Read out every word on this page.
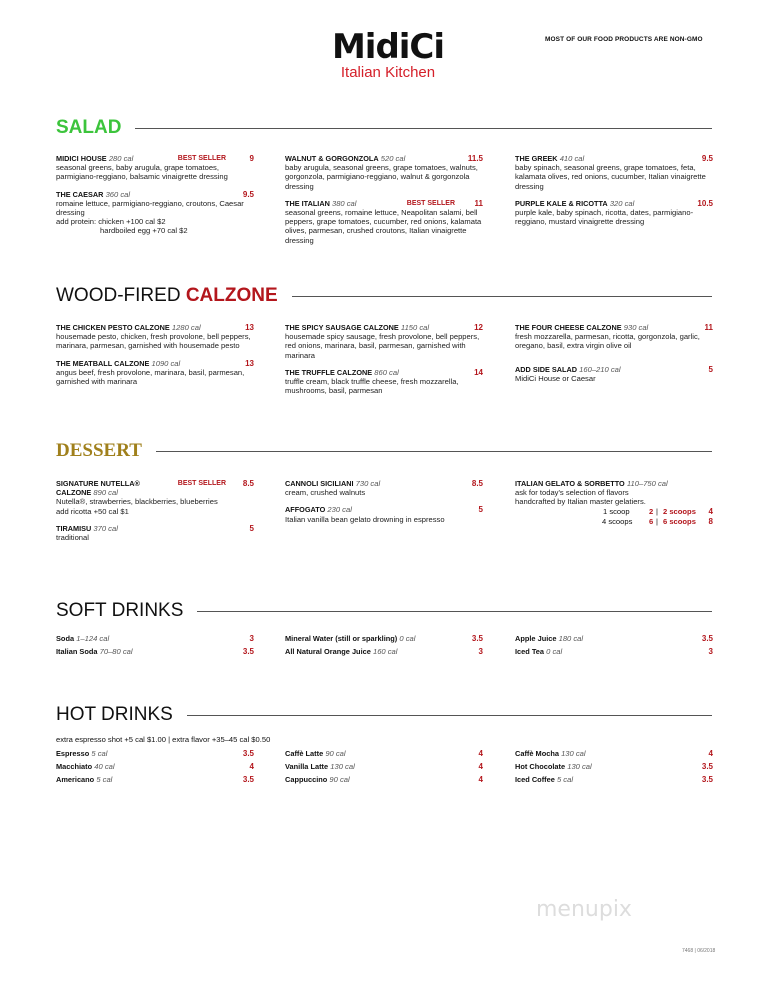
MidiCi
Italian Kitchen
MOST OF OUR FOOD PRODUCTS ARE NON-GMO
SALAD
MIDICI HOUSE 280 cal	BEST SELLER	9
seasonal greens, baby arugula, grape tomatoes, parmigiano-reggiano, balsamic vinaigrette dressing
THE CAESAR 360 cal	9.5
romaine lettuce, parmigiano-reggiano, croutons, Caesar dressing
add protein: chicken +100 cal $2
hardboiled egg +70 cal $2
WALNUT & GORGONZOLA 520 cal	11.5
baby arugula, seasonal greens, grape tomatoes, walnuts, gorgonzola, parmigiano-reggiano, walnut & gorgonzola dressing
THE ITALIAN 380 cal	BEST SELLER 11
seasonal greens, romaine lettuce, Neapolitan salami, bell peppers, grape tomatoes, cucumber, red onions, kalamata olives, parmesan, crushed croutons, Italian vinaigrette dressing
THE GREEK 410 cal	9.5
baby spinach, seasonal greens, grape tomatoes, feta, kalamata olives, red onions, cucumber, Italian vinaigrette dressing
PURPLE KALE & RICOTTA 320 cal	10.5
purple kale, baby spinach, ricotta, dates, parmigiano-reggiano, mustard vinaigrette dressing
WOOD-FIRED CALZONE
THE CHICKEN PESTO CALZONE 1280 cal	13
housemade pesto, chicken, fresh provolone, bell peppers, marinara, parmesan, garnished with housemade pesto
THE MEATBALL CALZONE 1090 cal	13
angus beef, fresh provolone, marinara, basil, parmesan, garnished with marinara
THE SPICY SAUSAGE CALZONE 1150 cal	12
housemade spicy sausage, fresh provolone, bell peppers, red onions, marinara, basil, parmesan, garnished with marinara
THE TRUFFLE CALZONE 860 cal	14
truffle cream, black truffle cheese, fresh mozzarella, mushrooms, basil, parmesan
THE FOUR CHEESE CALZONE 930 cal	11
fresh mozzarella, parmesan, ricotta, gorgonzola, garlic, oregano, basil, extra virgin olive oil
ADD SIDE SALAD 160–210 cal	5
MidiCi House or Caesar
DESSERT
SIGNATURE NUTELLA® CALZONE 890 cal
BEST SELLER 8.5
Nutella®, strawberries, blackberries, blueberries
add ricotta +50 cal $1
TIRAMISU 370 cal	5
traditional
CANNOLI SICILIANI 730 cal	8.5
cream, crushed walnuts
AFFOGATO 230 cal	5
Italian vanilla bean gelato drowning in espresso
ITALIAN GELATO & SORBETTO 110–750 cal
ask for today's selection of flavors handcrafted by Italian master gelatiers.
1 scoop	2 | 2 scoops 4
4 scoops 6 | 6 scoops 8
SOFT DRINKS
Soda 1–124 cal	3
Italian Soda 70–80 cal	3.5
Mineral Water (still or sparkling) 0 cal	3.5
All Natural Orange Juice 160 cal	3
Apple Juice 180 cal	3.5
Iced Tea 0 cal	3
HOT DRINKS
extra espresso shot +5 cal $1.00 | extra flavor +35–45 cal $0.50
Espresso 5 cal	3.5
Macchiato 40 cal	4
Americano 5 cal	3.5
Caffè Latte 90 cal	4
Vanilla Latte 130 cal	4
Cappuccino 90 cal	4
Caffè Mocha 130 cal	4
Hot Chocolate 130 cal	3.5
Iced Coffee 5 cal	3.5
menupix
7468 | 06/2018
